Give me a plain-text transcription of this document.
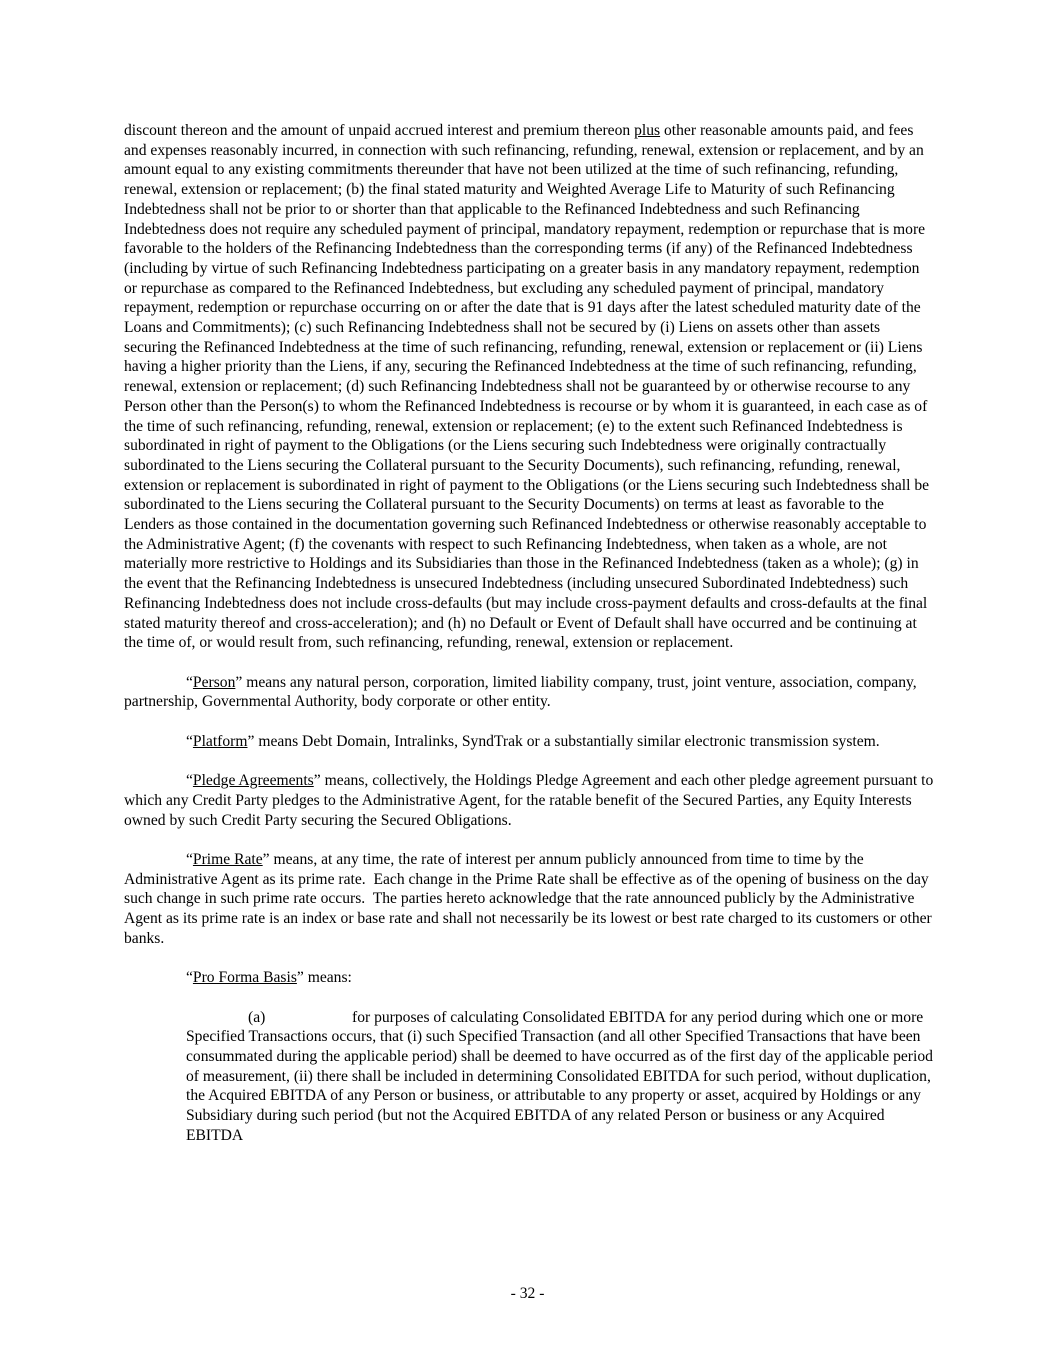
discount thereon and the amount of unpaid accrued interest and premium thereon plus other reasonable amounts paid, and fees and expenses reasonably incurred, in connection with such refinancing, refunding, renewal, extension or replacement, and by an amount equal to any existing commitments thereunder that have not been utilized at the time of such refinancing, refunding, renewal, extension or replacement; (b) the final stated maturity and Weighted Average Life to Maturity of such Refinancing Indebtedness shall not be prior to or shorter than that applicable to the Refinanced Indebtedness and such Refinancing Indebtedness does not require any scheduled payment of principal, mandatory repayment, redemption or repurchase that is more favorable to the holders of the Refinancing Indebtedness than the corresponding terms (if any) of the Refinanced Indebtedness (including by virtue of such Refinancing Indebtedness participating on a greater basis in any mandatory repayment, redemption or repurchase as compared to the Refinanced Indebtedness, but excluding any scheduled payment of principal, mandatory repayment, redemption or repurchase occurring on or after the date that is 91 days after the latest scheduled maturity date of the Loans and Commitments); (c) such Refinancing Indebtedness shall not be secured by (i) Liens on assets other than assets securing the Refinanced Indebtedness at the time of such refinancing, refunding, renewal, extension or replacement or (ii) Liens having a higher priority than the Liens, if any, securing the Refinanced Indebtedness at the time of such refinancing, refunding, renewal, extension or replacement; (d) such Refinancing Indebtedness shall not be guaranteed by or otherwise recourse to any Person other than the Person(s) to whom the Refinanced Indebtedness is recourse or by whom it is guaranteed, in each case as of the time of such refinancing, refunding, renewal, extension or replacement; (e) to the extent such Refinanced Indebtedness is subordinated in right of payment to the Obligations (or the Liens securing such Indebtedness were originally contractually subordinated to the Liens securing the Collateral pursuant to the Security Documents), such refinancing, refunding, renewal, extension or replacement is subordinated in right of payment to the Obligations (or the Liens securing such Indebtedness shall be subordinated to the Liens securing the Collateral pursuant to the Security Documents) on terms at least as favorable to the Lenders as those contained in the documentation governing such Refinanced Indebtedness or otherwise reasonably acceptable to the Administrative Agent; (f) the covenants with respect to such Refinancing Indebtedness, when taken as a whole, are not materially more restrictive to Holdings and its Subsidiaries than those in the Refinanced Indebtedness (taken as a whole); (g) in the event that the Refinancing Indebtedness is unsecured Indebtedness (including unsecured Subordinated Indebtedness) such Refinancing Indebtedness does not include cross-defaults (but may include cross-payment defaults and cross-defaults at the final stated maturity thereof and cross-acceleration); and (h) no Default or Event of Default shall have occurred and be continuing at the time of, or would result from, such refinancing, refunding, renewal, extension or replacement.

“Person” means any natural person, corporation, limited liability company, trust, joint venture, association, company, partnership, Governmental Authority, body corporate or other entity.

“Platform” means Debt Domain, Intralinks, SyndTrak or a substantially similar electronic transmission system.

“Pledge Agreements” means, collectively, the Holdings Pledge Agreement and each other pledge agreement pursuant to which any Credit Party pledges to the Administrative Agent, for the ratable benefit of the Secured Parties, any Equity Interests owned by such Credit Party securing the Secured Obligations.

“Prime Rate” means, at any time, the rate of interest per annum publicly announced from time to time by the Administrative Agent as its prime rate.  Each change in the Prime Rate shall be effective as of the opening of business on the day such change in such prime rate occurs.  The parties hereto acknowledge that the rate announced publicly by the Administrative Agent as its prime rate is an index or base rate and shall not necessarily be its lowest or best rate charged to its customers or other banks.

“Pro Forma Basis” means:

(a)	for purposes of calculating Consolidated EBITDA for any period during which one or more Specified Transactions occurs, that (i) such Specified Transaction (and all other Specified Transactions that have been consummated during the applicable period) shall be deemed to have occurred as of the first day of the applicable period of measurement, (ii) there shall be included in determining Consolidated EBITDA for such period, without duplication, the Acquired EBITDA of any Person or business, or attributable to any property or asset, acquired by Holdings or any Subsidiary during such period (but not the Acquired EBITDA of any related Person or business or any Acquired EBITDA

- 32 -
